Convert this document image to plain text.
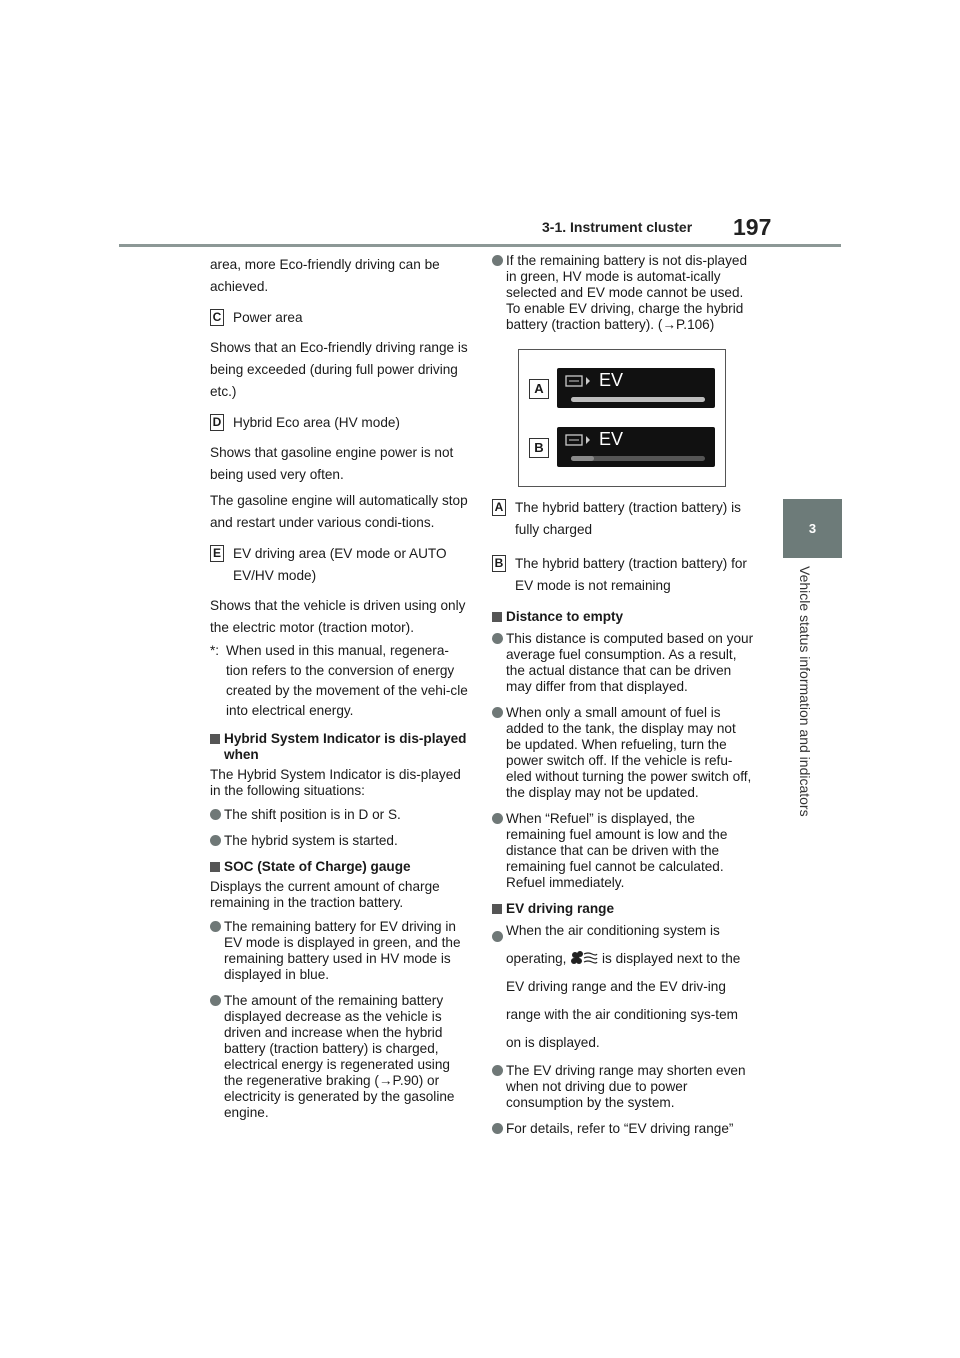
3-1. Instrument cluster 197
3
Vehicle status information and indicators

area, more Eco-friendly driving can be achieved.

C Power area

Shows that an Eco-friendly driving range is being exceeded (during full power driving etc.)

D Hybrid Eco area (HV mode)

Shows that gasoline engine power is not being used very often.

The gasoline engine will automatically stop and restart under various condi-tions.

E EV driving area (EV mode or AUTO EV/HV mode)

Shows that the vehicle is driven using only the electric motor (traction motor).

*: When used in this manual, regenera-tion refers to the conversion of energy created by the movement of the vehi-cle into electrical energy.
Hybrid System Indicator is dis-played when

The Hybrid System Indicator is dis-played in the following situations:

The shift position is in D or S.
The hybrid system is started.
SOC (State of Charge) gauge

Displays the current amount of charge remaining in the traction battery.

The remaining battery for EV driving in EV mode is displayed in green, and the remaining battery used in HV mode is displayed in blue.
The amount of the remaining battery displayed decrease as the vehicle is driven and increase when the hybrid battery (traction battery) is charged, electrical energy is regenerated using the regenerative braking (→P.90) or electricity is generated by the gasoline engine.
If the remaining battery is not dis-played in green, HV mode is automat-ically selected and EV mode cannot be used. To enable EV driving, charge the hybrid battery (traction battery). (→P.106)
A
B
EV
EV
A The hybrid battery (traction battery) is fully charged
B The hybrid battery (traction battery) for EV mode is not remaining
Distance to empty
This distance is computed based on your average fuel consumption. As a result, the actual distance that can be driven may differ from that displayed.
When only a small amount of fuel is added to the tank, the display may not be updated. When refueling, turn the power switch off. If the vehicle is refu-eled without turning the power switch off, the display may not be updated.
When “Refuel” is displayed, the remaining fuel amount is low and the distance that can be driven with the remaining fuel cannot be calculated. Refuel immediately.
EV driving range
When the air conditioning system is operating,	is displayed next to the EV driving range and the EV driv-ing range with the air conditioning sys-tem on is displayed.
The EV driving range may shorten even when not driving due to power consumption by the system.
For details, refer to “EV driving range”
